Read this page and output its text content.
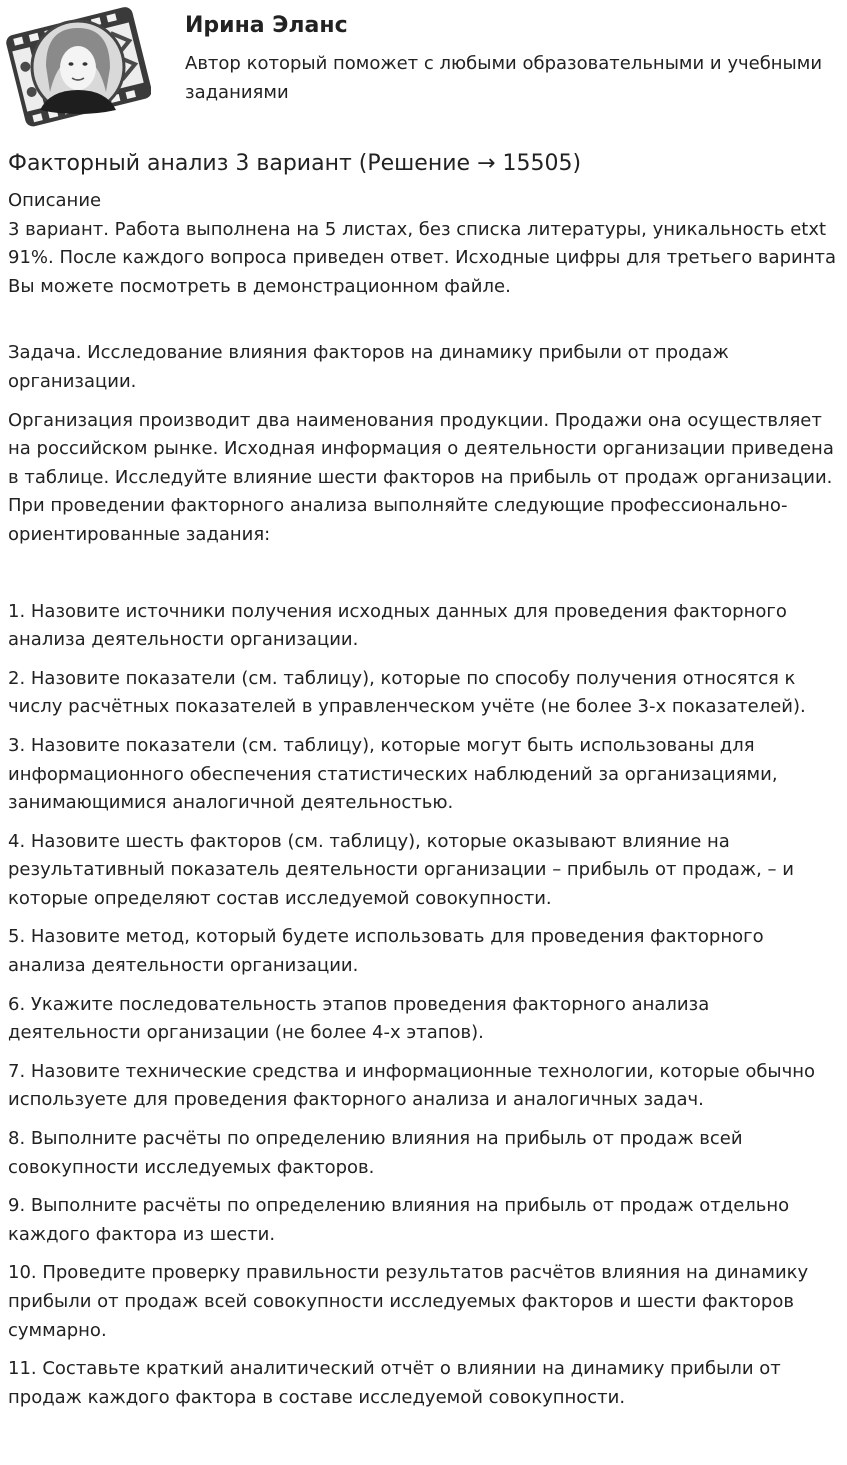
Ирина Эланс
Автор который поможет с любыми образовательными и учебными заданиями
Факторный анализ 3 вариант (Решение → 15505)

Описание

3 вариант. Работа выполнена на 5 листах, без списка литературы, уникальность etxt 91%. После каждого вопроса приведен ответ. Исходные цифры для третьего варинта Вы можете посмотреть в демонстрационном файле.

Задача. Исследование влияния факторов на динамику прибыли от продаж организации.

Организация производит два наименования продукции. Продажи она осуществляет на российском рынке. Исходная информация о деятельности организации приведена в таблице. Исследуйте влияние шести факторов на прибыль от продаж организации. При проведении факторного анализа выполняйте следующие профессионально-ориентированные задания:

1. Назовите источники получения исходных данных для проведения факторного анализа деятельности организации.

2. Назовите показатели (см. таблицу), которые по способу получения относятся к числу расчётных показателей в управленческом учёте (не более 3-х показателей).

3. Назовите показатели (см. таблицу), которые могут быть использованы для информационного обеспечения статистических наблюдений за организациями, занимающимися аналогичной деятельностью.

4. Назовите шесть факторов (см. таблицу), которые оказывают влияние на результативный показатель деятельности организации – прибыль от продаж, – и которые определяют состав исследуемой совокупности.

5. Назовите метод, который будете использовать для проведения факторного анализа деятельности организации.

6. Укажите последовательность этапов проведения факторного анализа деятельности организации (не более 4-х этапов).

7. Назовите технические средства и информационные технологии, которые обычно используете для проведения факторного анализа и аналогичных задач.

8. Выполните расчёты по определению влияния на прибыль от продаж всей совокупности исследуемых факторов.

9. Выполните расчёты по определению влияния на прибыль от продаж отдельно каждого фактора из шести.

10. Проведите проверку правильности результатов расчётов влияния на динамику прибыли от продаж всей совокупности исследуемых факторов и шести факторов суммарно.

11. Составьте краткий аналитический отчёт о влиянии на динамику прибыли от продаж каждого фактора в составе исследуемой совокупности.
